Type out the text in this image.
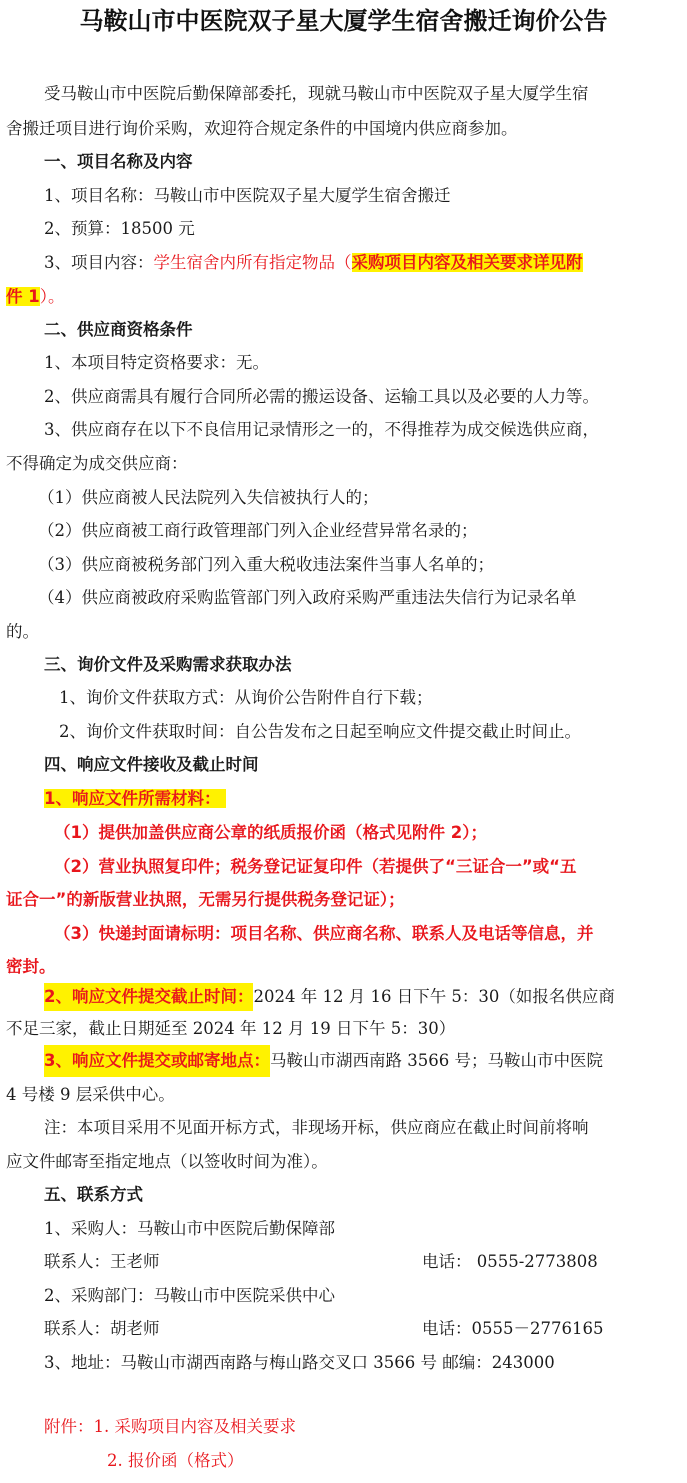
马鞍山市中医院双子星大厦学生宿舍搬迁询价公告
受马鞍山市中医院后勤保障部委托，现就马鞍山市中医院双子星大厦学生宿
舍搬迁项目进行询价采购，欢迎符合规定条件的中国境内供应商参加。
一、项目名称及内容
1、项目名称：马鞍山市中医院双子星大厦学生宿舍搬迁
2、预算：18500 元
3、项目内容：学生宿舍内所有指定物品（采购项目内容及相关要求详见附
件 1）。
二、供应商资格条件
1、本项目特定资格要求：无。
2、供应商需具有履行合同所必需的搬运设备、运输工具以及必要的人力等。
3、供应商存在以下不良信用记录情形之一的，不得推荐为成交候选供应商，
不得确定为成交供应商：
（1）供应商被人民法院列入失信被执行人的；
（2）供应商被工商行政管理部门列入企业经营异常名录的；
（3）供应商被税务部门列入重大税收违法案件当事人名单的；
（4）供应商被政府采购监管部门列入政府采购严重违法失信行为记录名单
的。
三、询价文件及采购需求获取办法
1、询价文件获取方式：从询价公告附件自行下载；
2、询价文件获取时间：自公告发布之日起至响应文件提交截止时间止。
四、响应文件接收及截止时间
1、响应文件所需材料：
（1）提供加盖供应商公章的纸质报价函（格式见附件 2）；
（2）营业执照复印件；税务登记证复印件（若提供了“三证合一”或“五
证合一”的新版营业执照，无需另行提供税务登记证）；
（3）快递封面请标明：项目名称、供应商名称、联系人及电话等信息，并
密封。
2、响应文件提交截止时间：2024 年 12 月 16 日下午 5：30（如报名供应商
不足三家，截止日期延至 2024 年 12 月 19 日下午 5：30）
3、响应文件提交或邮寄地点：马鞍山市湖西南路 3566 号；马鞍山市中医院
4 号楼 9 层采供中心。
注：本项目采用不见面开标方式，非现场开标，供应商应在截止时间前将响
应文件邮寄至指定地点（以签收时间为准）。
五、联系方式
1、采购人：马鞍山市中医院后勤保障部
联系人：王老师	电话： 0555-2773808
2、采购部门：马鞍山市中医院采供中心
联系人：胡老师	电话：0555－2776165
3、地址：马鞍山市湖西南路与梅山路交叉口 3566 号 邮编：243000
附件：1. 采购项目内容及相关要求
2. 报价函（格式）
